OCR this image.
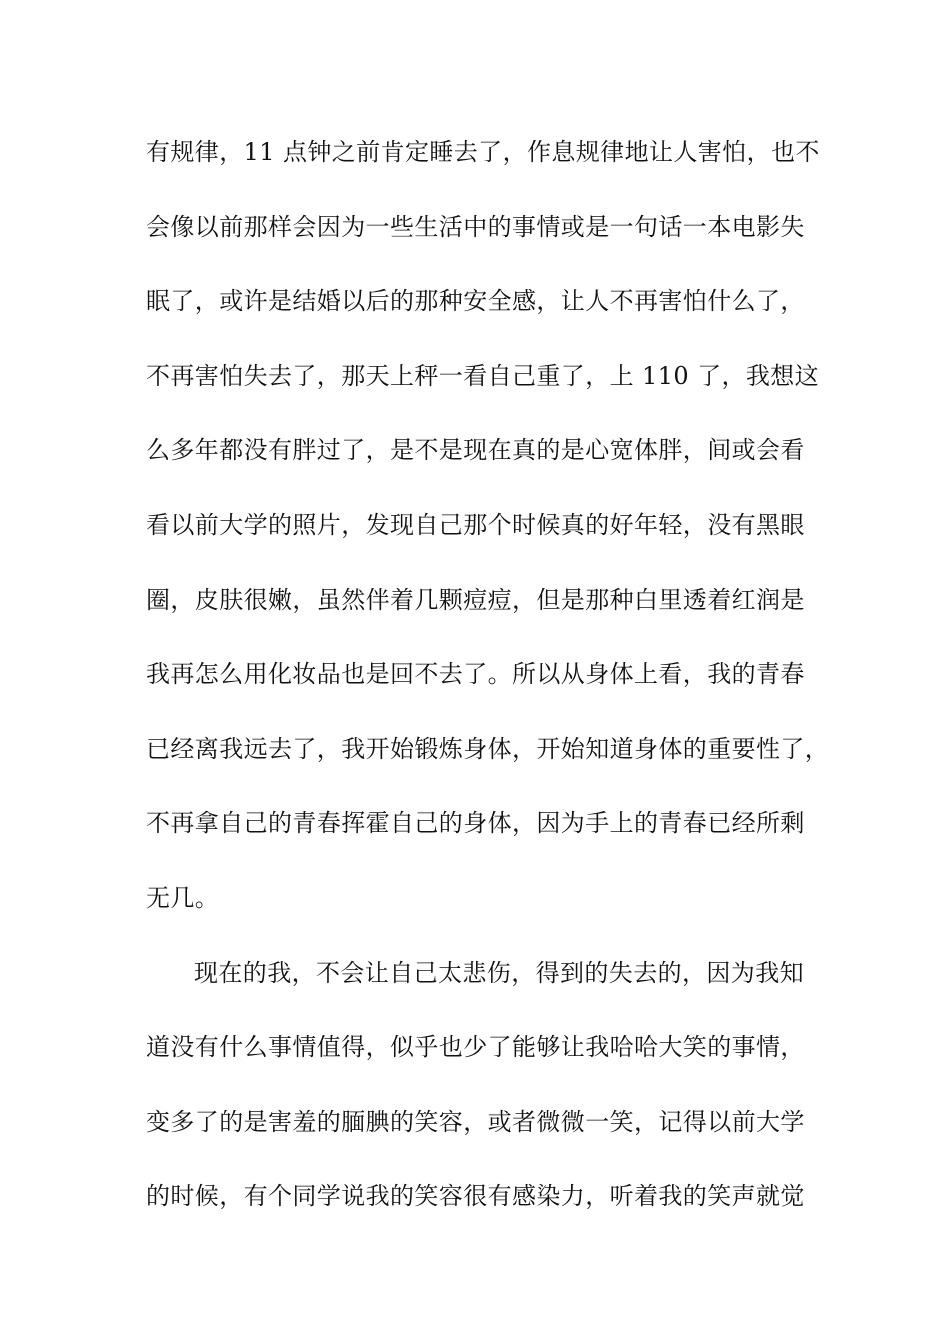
有规律，11 点钟之前肯定睡去了，作息规律地让人害怕，也不
会像以前那样会因为一些生活中的事情或是一句话一本电影失
眠了，或许是结婚以后的那种安全感，让人不再害怕什么了，
不再害怕失去了，那天上秤一看自己重了，上 110 了，我想这
么多年都没有胖过了，是不是现在真的是心宽体胖，间或会看
看以前大学的照片，发现自己那个时候真的好年轻，没有黑眼
圈，皮肤很嫩，虽然伴着几颗痘痘，但是那种白里透着红润是
我再怎么用化妆品也是回不去了。所以从身体上看，我的青春
已经离我远去了，我开始锻炼身体，开始知道身体的重要性了，
不再拿自己的青春挥霍自己的身体，因为手上的青春已经所剩
无几。
现在的我，不会让自己太悲伤，得到的失去的，因为我知
道没有什么事情值得，似乎也少了能够让我哈哈大笑的事情，
变多了的是害羞的腼腆的笑容，或者微微一笑，记得以前大学
的时候，有个同学说我的笑容很有感染力，听着我的笑声就觉
